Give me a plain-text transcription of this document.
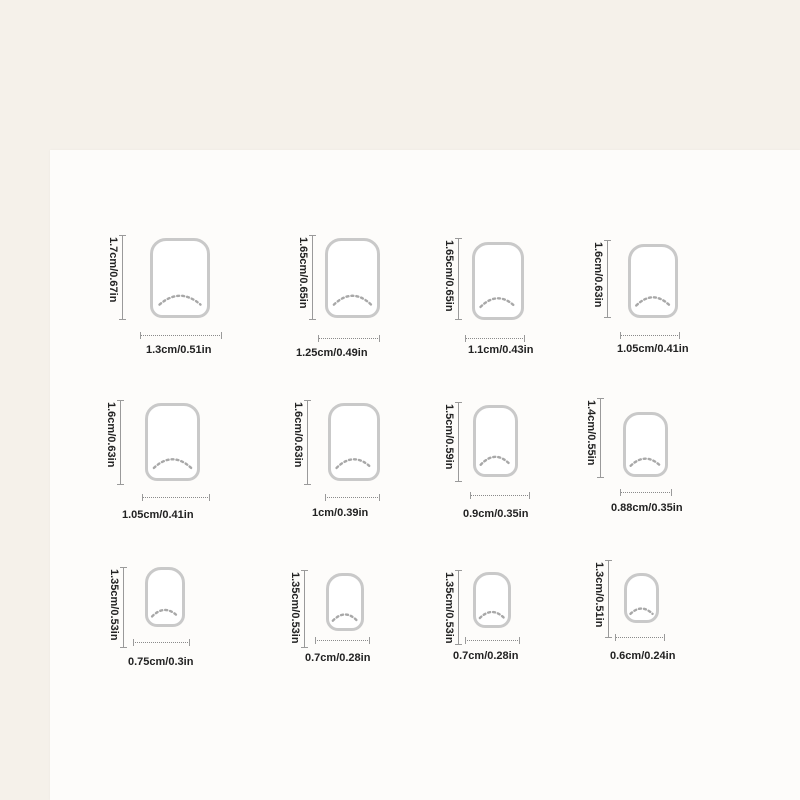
1.7cm/0.67in
1.3cm/0.51in
1.65cm/0.65in
1.25cm/0.49in
1.65cm/0.65in
1.1cm/0.43in
1.6cm/0.63in
1.05cm/0.41in
1.6cm/0.63in
1.05cm/0.41in
1.6cm/0.63in
1cm/0.39in
1.5cm/0.59in
0.9cm/0.35in
1.4cm/0.55in
0.88cm/0.35in
1.35cm/0.53in
0.75cm/0.3in
1.35cm/0.53in
0.7cm/0.28in
1.35cm/0.53in
0.7cm/0.28in
1.3cm/0.51in
0.6cm/0.24in
